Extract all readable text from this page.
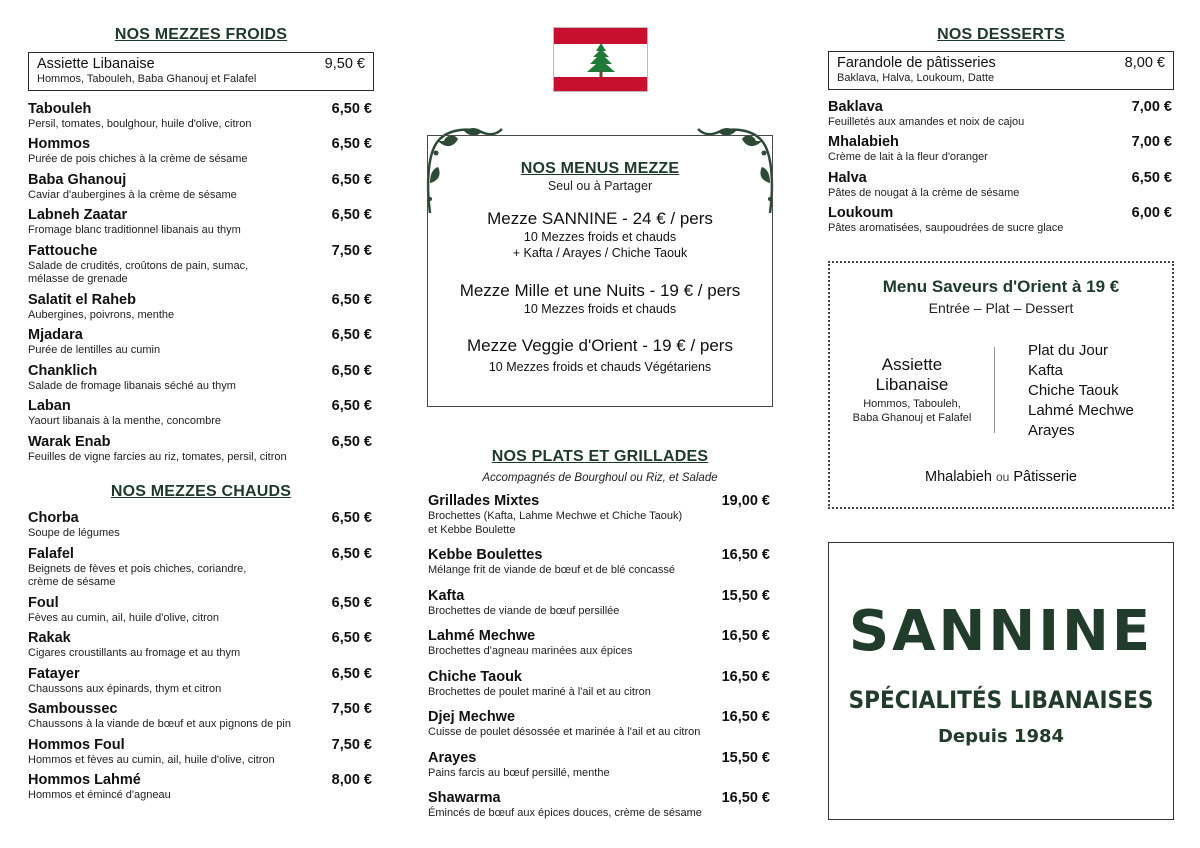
NOS MEZZES FROIDS
Assiette Libanaise
Hommos, Tabouleh, Baba Ghanouj et Falafel
9,50 €
Tabouleh
Persil, tomates, boulghour, huile d'olive, citron
6,50 €
Hommos
Purée de pois chiches à la crème de sésame
6,50 €
Baba Ghanouj
Caviar d'aubergines à la crème de sésame
6,50 €
Labneh Zaatar
Fromage blanc traditionnel libanais au thym
6,50 €
Fattouche
Salade de crudités, croûtons de pain, sumac,
mélasse de grenade
7,50 €
Salatit el Raheb
Aubergines, poivrons, menthe
6,50 €
Mjadara
Purée de lentilles au cumin
6,50 €
Chanklich
Salade de fromage libanais séché au thym
6,50 €
Laban
Yaourt libanais à la menthe, concombre
6,50 €
Warak Enab
Feuilles de vigne farcies au riz, tomates, persil, citron
6,50 €
NOS MEZZES CHAUDS
Chorba
Soupe de légumes
6,50 €
Falafel
Beignets de fèves et pois chiches, coriandre,
crème de sésame
6,50 €
Foul
Fèves au cumin, ail, huile d'olive, citron
6,50 €
Rakak
Cigares croustillants au fromage et au thym
6,50 €
Fatayer
Chaussons aux épinards, thym et citron
6,50 €
Samboussec
Chaussons à la viande de bœuf et aux pignons de pin
7,50 €
Hommos Foul
Hommos et fèves au cumin, ail, huile d'olive, citron
7,50 €
Hommos Lahmé
Hommos et émincé d'agneau
8,00 €
NOS MENUS MEZZE
Seul ou à Partager
Mezze SANNINE - 24 € / pers
10 Mezzes froids et chauds
+ Kafta / Arayes / Chiche Taouk
Mezze Mille et une Nuits - 19 € / pers
10 Mezzes froids et chauds
Mezze Veggie d'Orient - 19 € / pers
10 Mezzes froids et chauds Végétariens
NOS PLATS ET GRILLADES
Accompagnés de Bourghoul ou Riz, et Salade
Grillades Mixtes
Brochettes (Kafta, Lahme Mechwe et Chiche Taouk)
et Kebbe Boulette
19,00 €
Kebbe Boulettes
Mélange frit de viande de bœuf et de blé concassé
16,50 €
Kafta
Brochettes de viande de bœuf persillée
15,50 €
Lahmé Mechwe
Brochettes d'agneau marinées aux épices
16,50 €
Chiche Taouk
Brochettes de poulet mariné à l'ail et au citron
16,50 €
Djej Mechwe
Cuisse de poulet désossée et marinée à l'ail et au citron
16,50 €
Arayes
Pains farcis au bœuf persillé, menthe
15,50 €
Shawarma
Émincés de bœuf aux épices douces, crème de sésame
16,50 €
NOS DESSERTS
Farandole de pâtisseries
Baklava, Halva, Loukoum, Datte
8,00 €
Baklava
Feuilletés aux amandes et noix de cajou
7,00 €
Mhalabieh
Crème de lait à la fleur d'oranger
7,00 €
Halva
Pâtes de nougat à la crème de sésame
6,50 €
Loukoum
Pâtes aromatisées, saupoudrées de sucre glace
6,00 €
Menu Saveurs d'Orient à 19 €
Entrée – Plat – Dessert
Assiette
Libanaise
Hommos, Tabouleh,
Baba Ghanouj et Falafel
Plat du Jour
Kafta
Chiche Taouk
Lahmé Mechwe
Arayes
Mhalabieh ou Pâtisserie
SANNINE
SPÉCIALITÉS LIBANAISES
Depuis 1984
